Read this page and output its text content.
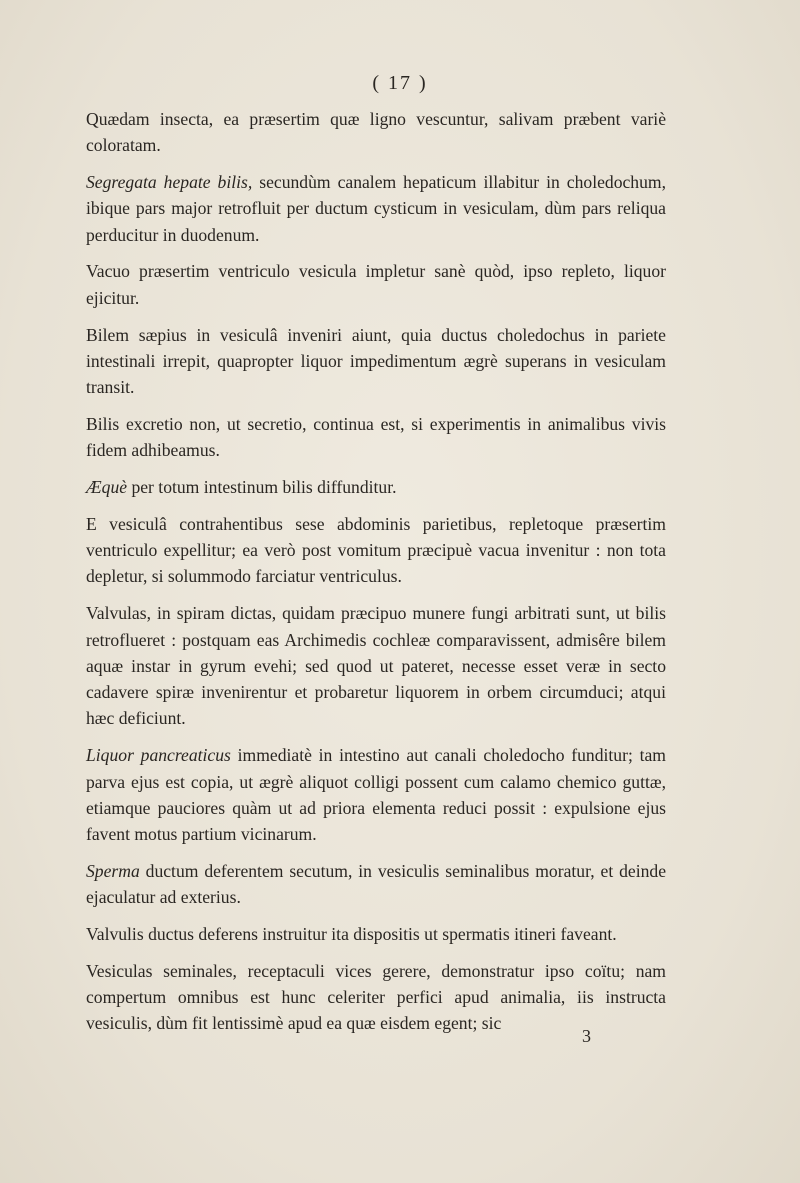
( 17 )

Quædam insecta, ea præsertim quæ ligno vescuntur, salivam præbent variè coloratam.

Segregata hepate bilis, secundùm canalem hepaticum illabitur in choledochum, ibique pars major retrofluit per ductum cysticum in vesiculam, dùm pars reliqua perducitur in duodenum.

Vacuo præsertim ventriculo vesicula impletur sanè quòd, ipso repleto, liquor ejicitur.

Bilem sæpius in vesiculâ inveniri aiunt, quia ductus choledochus in pariete intestinali irrepit, quapropter liquor impedimentum ægrè superans in vesiculam transit.

Bilis excretio non, ut secretio, continua est, si experimentis in animalibus vivis fidem adhibeamus.

Æquè per totum intestinum bilis diffunditur.

E vesiculâ contrahentibus sese abdominis parietibus, repletoque præsertim ventriculo expellitur; ea verò post vomitum præcipuè vacua invenitur : non tota depletur, si solummodo farciatur ventriculus.

Valvulas, in spiram dictas, quidam præcipuo munere fungi arbitrati sunt, ut bilis retroflueret : postquam eas Archimedis cochleæ comparavissent, admisêre bilem aquæ instar in gyrum evehi; sed quod ut pateret, necesse esset veræ in secto cadavere spiræ invenirentur et probaretur liquorem in orbem circumduci; atqui hæc deficiunt.

Liquor pancreaticus immediatè in intestino aut canali choledocho funditur; tam parva ejus est copia, ut ægrè aliquot colligi possent cum calamo chemico guttæ, etiamque pauciores quàm ut ad priora elementa reduci possit : expulsione ejus favent motus partium vicinarum.

Sperma ductum deferentem secutum, in vesiculis seminalibus moratur, et deinde ejaculatur ad exterius.

Valvulis ductus deferens instruitur ita dispositis ut spermatis itineri faveant.

Vesiculas seminales, receptaculi vices gerere, demonstratur ipso coïtu; nam compertum omnibus est hunc celeriter perfici apud animalia, iis instructa vesiculis, dùm fit lentissimè apud ea quæ eisdem egent; sic

3
